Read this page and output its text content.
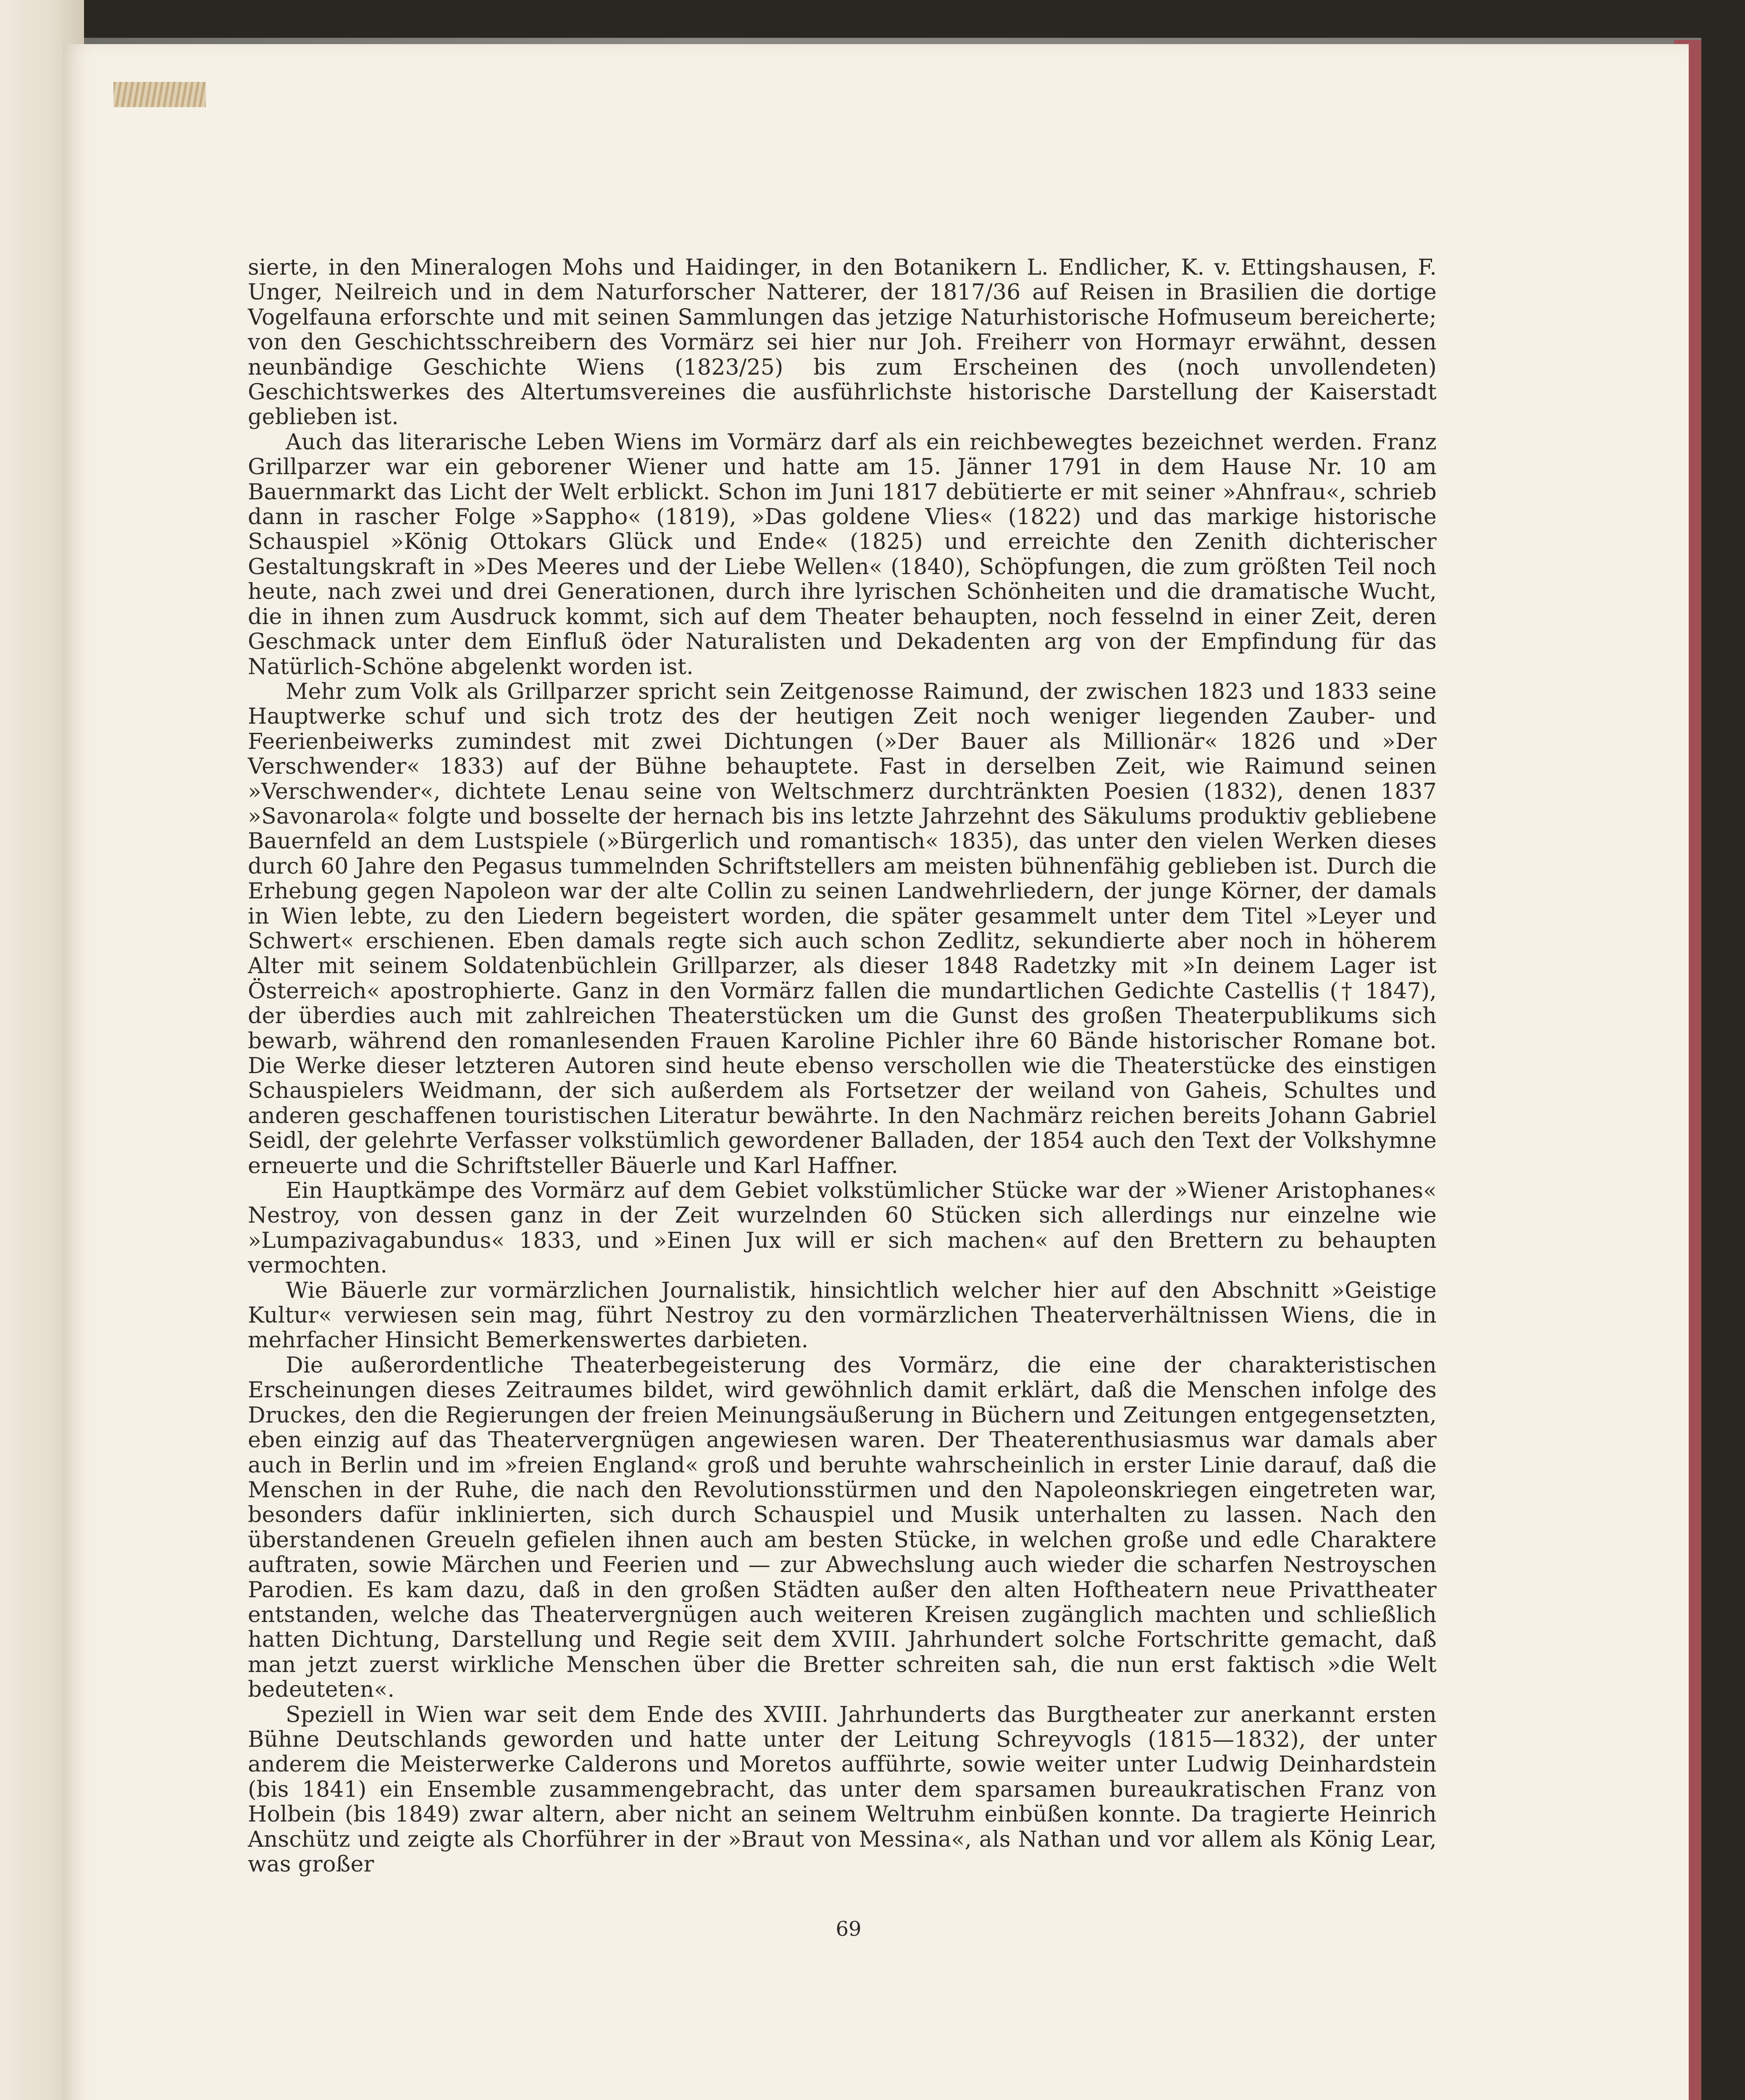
sierte, in den Mineralogen Mohs und Haidinger, in den Botanikern L. Endlicher, K. v. Ettingshausen, F. Unger, Neilreich und in dem Naturforscher Natterer, der 1817/36 auf Reisen in Brasilien die dortige Vogelfauna erforschte und mit seinen Sammlungen das jetzige Naturhistorische Hofmuseum bereicherte; von den Geschichtsschreibern des Vormärz sei hier nur Joh. Freiherr von Hormayr erwähnt, dessen neunbändige Geschichte Wiens (1823/25) bis zum Erscheinen des (noch unvollendeten) Geschichtswerkes des Altertumsvereines die ausführlichste historische Darstellung der Kaiserstadt geblieben ist.

Auch das literarische Leben Wiens im Vormärz darf als ein reichbewegtes bezeichnet werden. Franz Grillparzer war ein geborener Wiener und hatte am 15. Jänner 1791 in dem Hause Nr. 10 am Bauernmarkt das Licht der Welt erblickt. Schon im Juni 1817 debütierte er mit seiner »Ahnfrau«, schrieb dann in rascher Folge »Sappho« (1819), »Das goldene Vlies« (1822) und das markige historische Schauspiel »König Ottokars Glück und Ende« (1825) und erreichte den Zenith dichterischer Gestaltungskraft in »Des Meeres und der Liebe Wellen« (1840), Schöpfungen, die zum größten Teil noch heute, nach zwei und drei Generationen, durch ihre lyrischen Schönheiten und die dramatische Wucht, die in ihnen zum Ausdruck kommt, sich auf dem Theater behaupten, noch fesselnd in einer Zeit, deren Geschmack unter dem Einfluß öder Naturalisten und Dekadenten arg von der Empfindung für das Natürlich-Schöne abgelenkt worden ist.

Mehr zum Volk als Grillparzer spricht sein Zeitgenosse Raimund, der zwischen 1823 und 1833 seine Hauptwerke schuf und sich trotz des der heutigen Zeit noch weniger liegenden Zauber- und Feerienbeiwerks zumindest mit zwei Dichtungen (»Der Bauer als Millionär« 1826 und »Der Verschwender« 1833) auf der Bühne behauptete. Fast in derselben Zeit, wie Raimund seinen »Verschwender«, dichtete Lenau seine von Weltschmerz durchtränkten Poesien (1832), denen 1837 »Savonarola« folgte und bosselte der hernach bis ins letzte Jahrzehnt des Säkulums produktiv gebliebene Bauernfeld an dem Lustspiele (»Bürgerlich und romantisch« 1835), das unter den vielen Werken dieses durch 60 Jahre den Pegasus tummelnden Schriftstellers am meisten bühnenfähig geblieben ist. Durch die Erhebung gegen Napoleon war der alte Collin zu seinen Landwehrliedern, der junge Körner, der damals in Wien lebte, zu den Liedern begeistert worden, die später gesammelt unter dem Titel »Leyer und Schwert« erschienen. Eben damals regte sich auch schon Zedlitz, sekundierte aber noch in höherem Alter mit seinem Soldatenbüchlein Grillparzer, als dieser 1848 Radetzky mit »In deinem Lager ist Österreich« apostrophierte. Ganz in den Vormärz fallen die mundartlichen Gedichte Castellis († 1847), der überdies auch mit zahlreichen Theaterstücken um die Gunst des großen Theaterpublikums sich bewarb, während den romanlesenden Frauen Karoline Pichler ihre 60 Bände historischer Romane bot. Die Werke dieser letzteren Autoren sind heute ebenso verschollen wie die Theaterstücke des einstigen Schauspielers Weidmann, der sich außerdem als Fortsetzer der weiland von Gaheis, Schultes und anderen geschaffenen touristischen Literatur bewährte. In den Nachmärz reichen bereits Johann Gabriel Seidl, der gelehrte Verfasser volkstümlich gewordener Balladen, der 1854 auch den Text der Volkshymne erneuerte und die Schriftsteller Bäuerle und Karl Haffner.

Ein Hauptkämpe des Vormärz auf dem Gebiet volkstümlicher Stücke war der »Wiener Aristophanes« Nestroy, von dessen ganz in der Zeit wurzelnden 60 Stücken sich allerdings nur einzelne wie »Lumpazivagabundus« 1833, und »Einen Jux will er sich machen« auf den Brettern zu behaupten vermochten.

Wie Bäuerle zur vormärzlichen Journalistik, hinsichtlich welcher hier auf den Abschnitt »Geistige Kultur« verwiesen sein mag, führt Nestroy zu den vormärzlichen Theaterverhältnissen Wiens, die in mehrfacher Hinsicht Bemerkenswertes darbieten.

Die außerordentliche Theaterbegeisterung des Vormärz, die eine der charakteristischen Erscheinungen dieses Zeitraumes bildet, wird gewöhnlich damit erklärt, daß die Menschen infolge des Druckes, den die Regierungen der freien Meinungsäußerung in Büchern und Zeitungen entgegensetzten, eben einzig auf das Theatervergnügen angewiesen waren. Der Theaterenthusiasmus war damals aber auch in Berlin und im »freien England« groß und beruhte wahrscheinlich in erster Linie darauf, daß die Menschen in der Ruhe, die nach den Revolutionsstürmen und den Napoleonskriegen eingetreten war, besonders dafür inklinierten, sich durch Schauspiel und Musik unterhalten zu lassen. Nach den überstandenen Greueln gefielen ihnen auch am besten Stücke, in welchen große und edle Charaktere auftraten, sowie Märchen und Feerien und — zur Abwechslung auch wieder die scharfen Nestroyschen Parodien. Es kam dazu, daß in den großen Städten außer den alten Hoftheatern neue Privattheater entstanden, welche das Theatervergnügen auch weiteren Kreisen zugänglich machten und schließlich hatten Dichtung, Darstellung und Regie seit dem XVIII. Jahrhundert solche Fortschritte gemacht, daß man jetzt zuerst wirkliche Menschen über die Bretter schreiten sah, die nun erst faktisch »die Welt bedeuteten«.

Speziell in Wien war seit dem Ende des XVIII. Jahrhunderts das Burgtheater zur anerkannt ersten Bühne Deutschlands geworden und hatte unter der Leitung Schreyvogls (1815—1832), der unter anderem die Meisterwerke Calderons und Moretos aufführte, sowie weiter unter Ludwig Deinhardstein (bis 1841) ein Ensemble zusammengebracht, das unter dem sparsamen bureaukratischen Franz von Holbein (bis 1849) zwar altern, aber nicht an seinem Weltruhm einbüßen konnte. Da tragierte Heinrich Anschütz und zeigte als Chorführer in der »Braut von Messina«, als Nathan und vor allem als König Lear, was großer

69
